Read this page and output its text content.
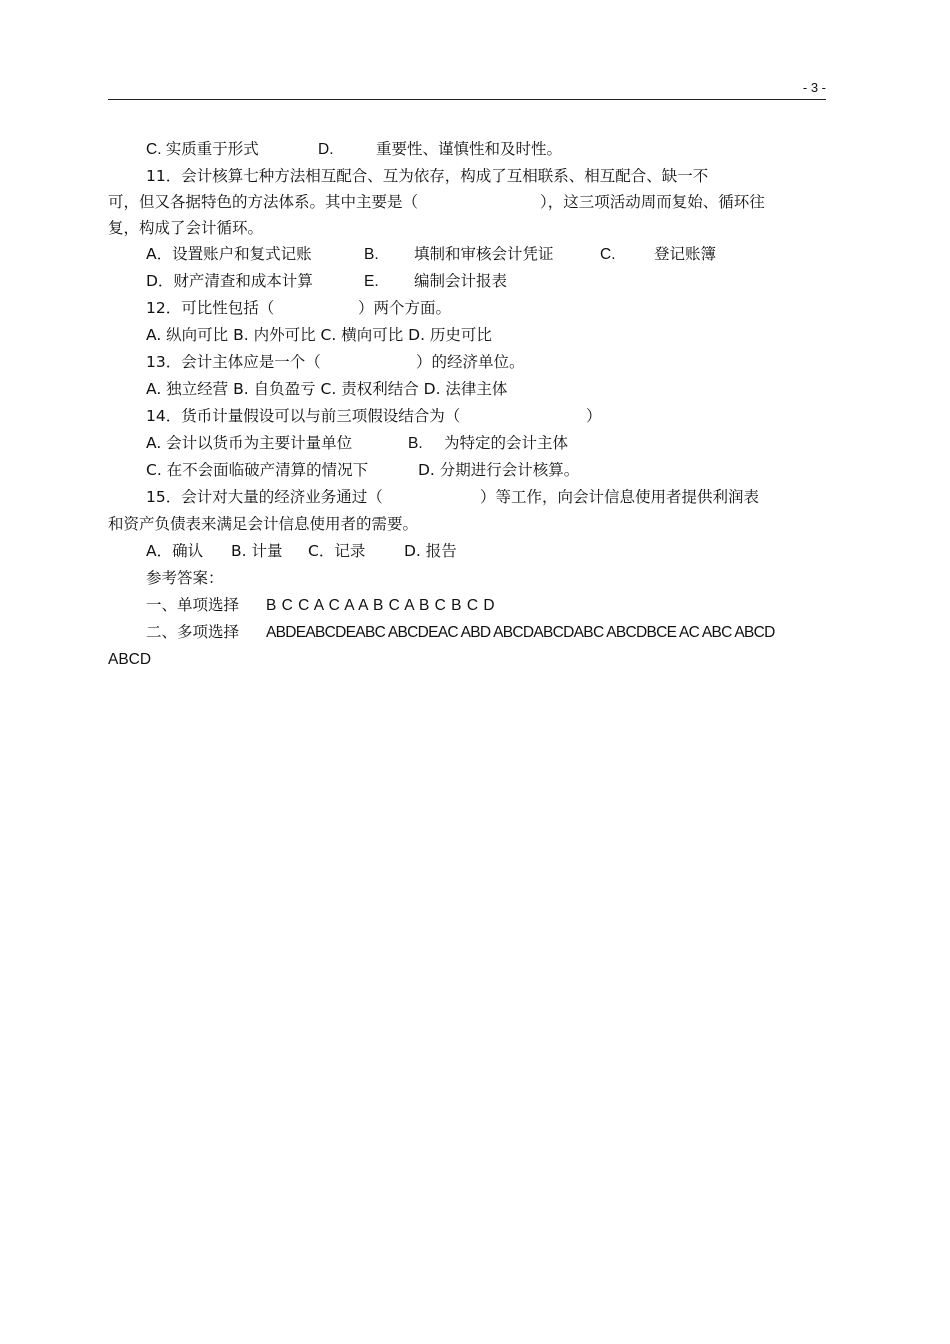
- 3 -
C. 实质重于形式	D.	重要性、谨慎性和及时性。
11．会计核算七种方法相互配合、互为依存，构成了互相联系、相互配合、缺一不
可，但又各据特色的方法体系。其中主要是（	），这三项活动周而复始、循环往
复，构成了会计循环。
A．设置账户和复式记账	B. 填制和审核会计凭证	C. 登记账簿
D．财产清查和成本计算	E. 编制会计报表
12．可比性包括（	）两个方面。
A. 纵向可比 B. 内外可比 C. 横向可比 D. 历史可比
13．会计主体应是一个（	）的经济单位。
A. 独立经营 B. 自负盈亏 C. 责权利结合 D. 法律主体
14．货币计量假设可以与前三项假设结合为（	）
A. 会计以货币为主要计量单位	B. 为特定的会计主体
C. 在不会面临破产清算的情况下	D. 分期进行会计核算。
15．会计对大量的经济业务通过（	）等工作，向会计信息使用者提供利润表
和资产负债表来满足会计信息使用者的需要。
A．确认 B. 计量 C．记录 D. 报告
参考答案：
一、单项选择 B C C A C A A B C A B C B C D
二、多项选择 ABDEABCDEABC ABCDEAC ABD ABCDABCDABC ABCDBCE AC ABC ABCD
ABCD
